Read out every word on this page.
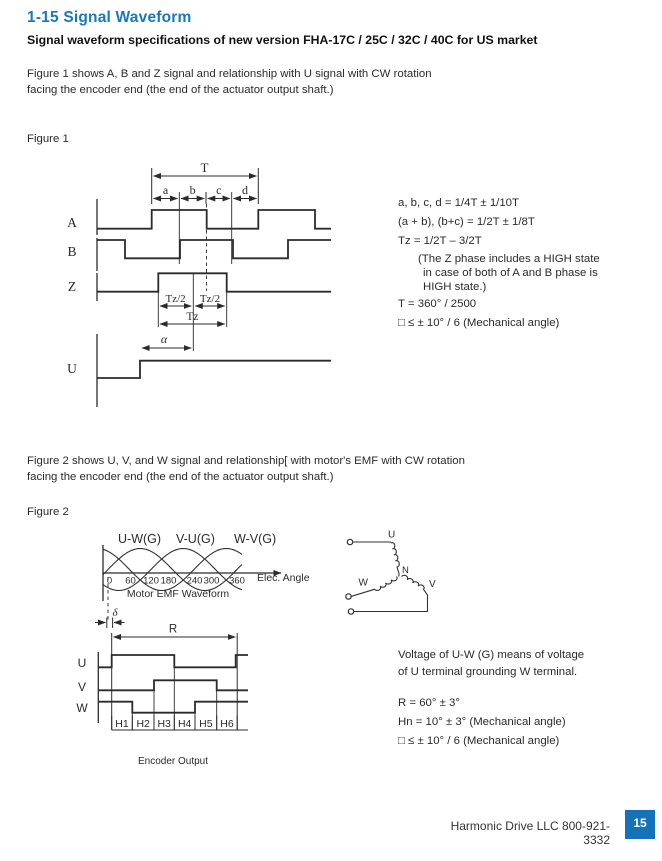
1-15 Signal Waveform
Signal waveform specifications of new version FHA-17C / 25C / 32C / 40C for US market
Figure 1 shows A, B and Z signal and relationship with U signal with CW rotation
facing the encoder end (the end of the actuator output shaft.)
Figure 1
T
a b c d
A
B
Z
U
Tz/2 Tz/2
Tz
α
a, b, c, d = 1/4T ± 1/10T
(a + b), (b+c) = 1/2T ± 1/8T
Tz = 1/2T – 3/2T
(The Z phase includes a HIGH state
in case of both of A and B phase is
HIGH state.)
T = 360° / 2500
□ ≤ ± 10° / 6 (Mechanical angle)
Figure 2 shows U, V, and W signal and relationship[ with motor's EMF with CW rotation
facing the encoder end (the end of the actuator output shaft.)
Figure 2
U-W(G) V-U(G) W-V(G)
0 60 120 180 240 300 360 Elec. Angle
Motor EMF Waveform
δ
R
U
V
W
H1 H2 H3 H4 H5 H6
Encoder Output
U
N
W	V
Voltage of U-W (G) means of voltage
of U terminal grounding W terminal.
R = 60° ± 3°
Hn = 10° ± 3° (Mechanical angle)
□ ≤ ± 10° / 6 (Mechanical angle)
Harmonic Drive LLC 800-921-3332
15
